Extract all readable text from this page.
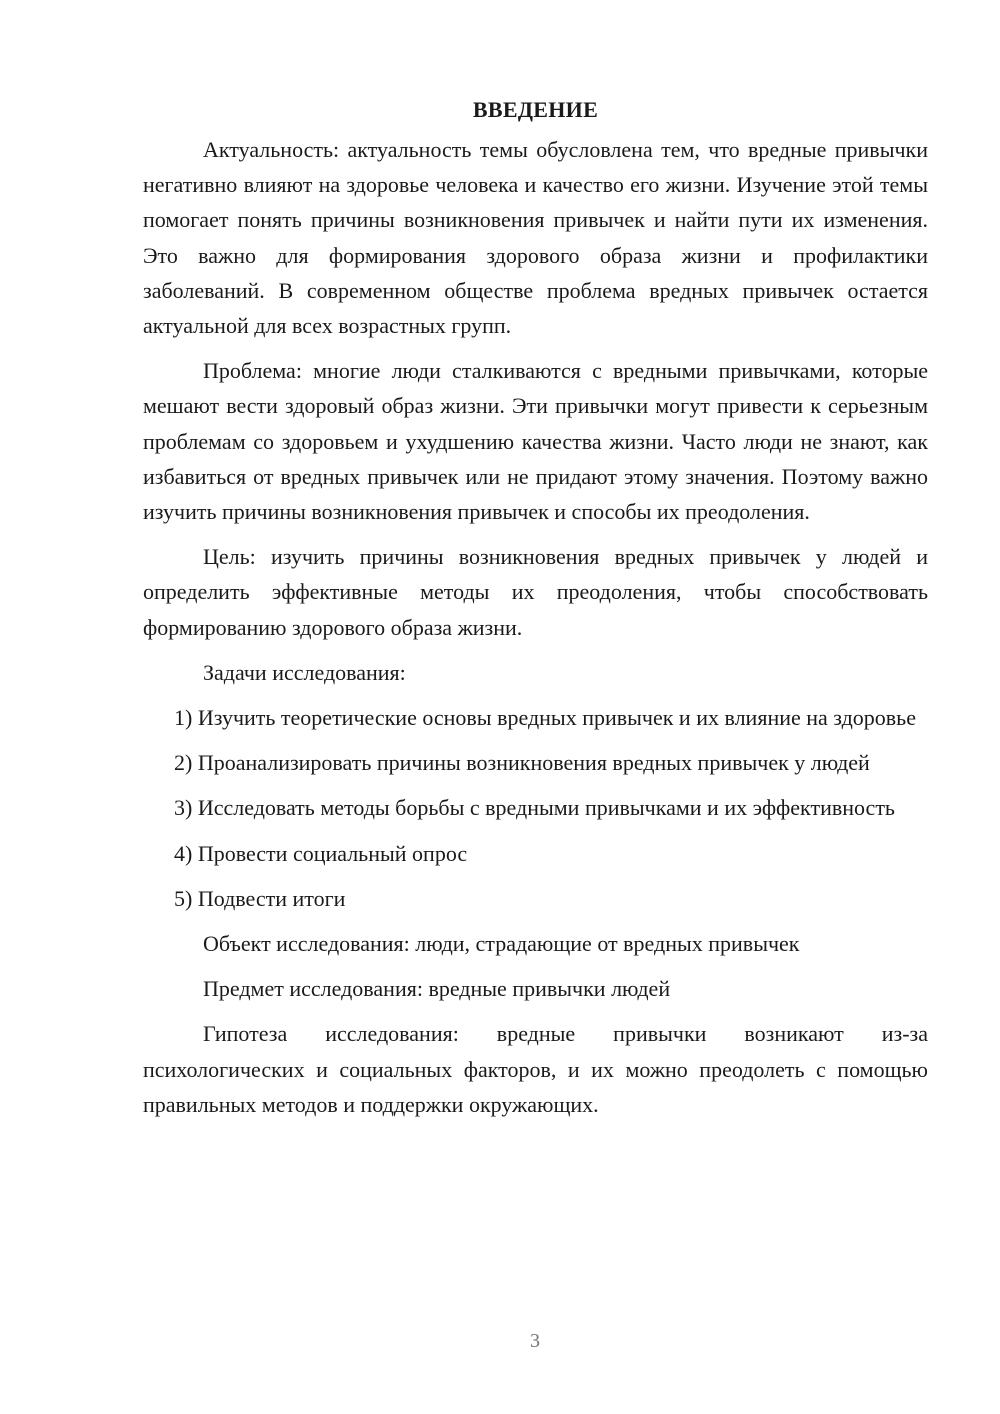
ВВЕДЕНИЕ

Актуальность: актуальность темы обусловлена тем, что вредные привычки негативно влияют на здоровье человека и качество его жизни. Изучение этой темы помогает понять причины возникновения привычек и найти пути их изменения. Это важно для формирования здорового образа жизни и профилактики заболеваний. В современном обществе проблема вредных привычек остается актуальной для всех возрастных групп.

Проблема: многие люди сталкиваются с вредными привычками, которые мешают вести здоровый образ жизни. Эти привычки могут привести к серьезным проблемам со здоровьем и ухудшению качества жизни. Часто люди не знают, как избавиться от вредных привычек или не придают этому значения. Поэтому важно изучить причины возникновения привычек и способы их преодоления.

Цель: изучить причины возникновения вредных привычек у людей и определить эффективные методы их преодоления, чтобы способствовать формированию здорового образа жизни.

Задачи исследования:

1) Изучить теоретические основы вредных привычек и их влияние на здоровье

2) Проанализировать причины возникновения вредных привычек у людей

3) Исследовать методы борьбы с вредными привычками и их эффективность

4) Провести социальный опрос

5) Подвести итоги

Объект исследования: люди, страдающие от вредных привычек

Предмет исследования: вредные привычки людей

Гипотеза исследования: вредные привычки возникают из-за психологических и социальных факторов, и их можно преодолеть с помощью правильных методов и поддержки окружающих.

3
